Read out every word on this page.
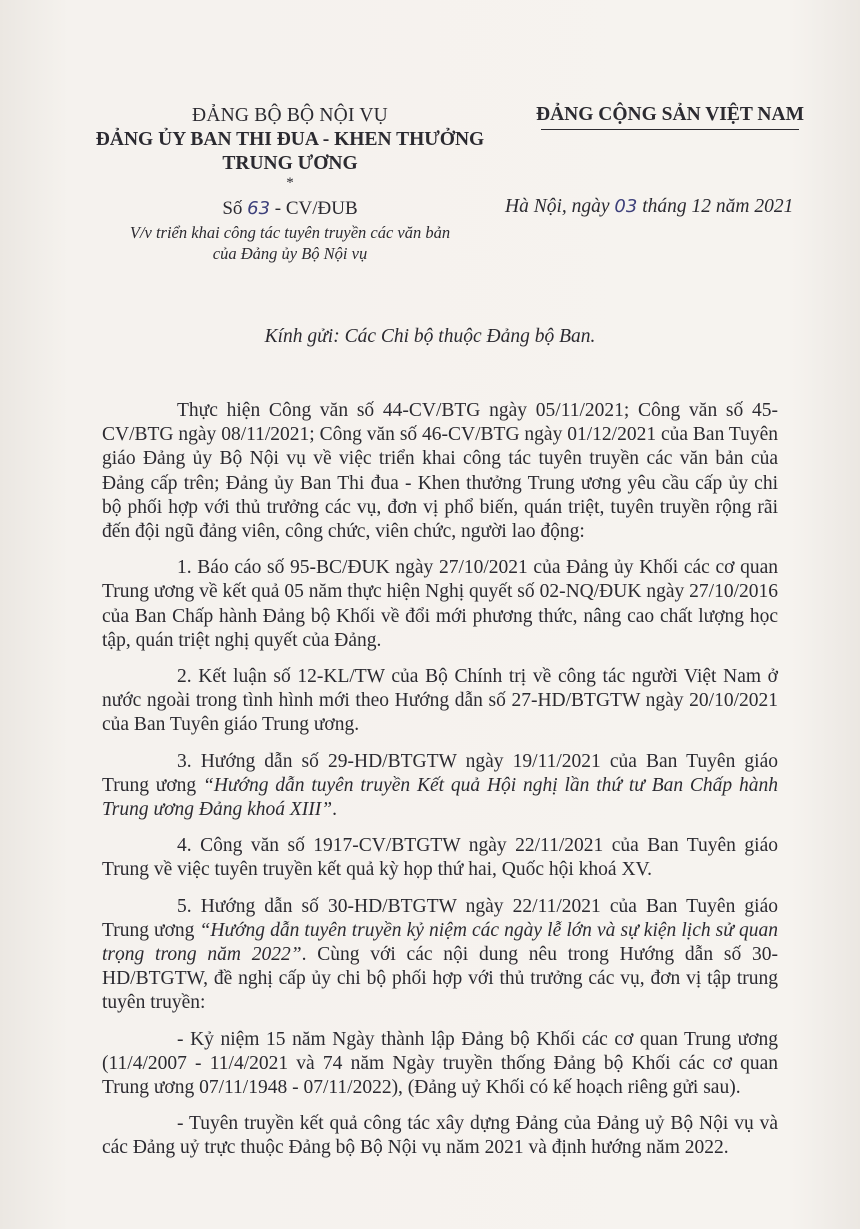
ĐẢNG BỘ BỘ NỘI VỤ
ĐẢNG ỦY BAN THI ĐUA - KHEN THƯỞNG
TRUNG ƯƠNG
*
ĐẢNG CỘNG SẢN VIỆT NAM
Số 63 - CV/ĐUB
V/v triển khai công tác tuyên truyền các văn bản
của Đảng ủy Bộ Nội vụ
Hà Nội, ngày 03 tháng 12 năm 2021
Kính gửi: Các Chi bộ thuộc Đảng bộ Ban.

Thực hiện Công văn số 44-CV/BTG ngày 05/11/2021; Công văn số 45-CV/BTG ngày 08/11/2021; Công văn số 46-CV/BTG ngày 01/12/2021 của Ban Tuyên giáo Đảng ủy Bộ Nội vụ về việc triển khai công tác tuyên truyền các văn bản của Đảng cấp trên; Đảng ủy Ban Thi đua - Khen thưởng Trung ương yêu cầu cấp ủy chi bộ phối hợp với thủ trưởng các vụ, đơn vị phổ biến, quán triệt, tuyên truyền rộng rãi đến đội ngũ đảng viên, công chức, viên chức, người lao động:

1. Báo cáo số 95-BC/ĐUK ngày 27/10/2021 của Đảng ủy Khối các cơ quan Trung ương về kết quả 05 năm thực hiện Nghị quyết số 02-NQ/ĐUK ngày 27/10/2016 của Ban Chấp hành Đảng bộ Khối về đổi mới phương thức, nâng cao chất lượng học tập, quán triệt nghị quyết của Đảng.

2. Kết luận số 12-KL/TW của Bộ Chính trị về công tác người Việt Nam ở nước ngoài trong tình hình mới theo Hướng dẫn số 27-HD/BTGTW ngày 20/10/2021 của Ban Tuyên giáo Trung ương.

3. Hướng dẫn số 29-HD/BTGTW ngày 19/11/2021 của Ban Tuyên giáo Trung ương “Hướng dẫn tuyên truyền Kết quả Hội nghị lần thứ tư Ban Chấp hành Trung ương Đảng khoá XIII”.

4. Công văn số 1917-CV/BTGTW ngày 22/11/2021 của Ban Tuyên giáo Trung về việc tuyên truyền kết quả kỳ họp thứ hai, Quốc hội khoá XV.

5. Hướng dẫn số 30-HD/BTGTW ngày 22/11/2021 của Ban Tuyên giáo Trung ương “Hướng dẫn tuyên truyền kỷ niệm các ngày lễ lớn và sự kiện lịch sử quan trọng trong năm 2022”. Cùng với các nội dung nêu trong Hướng dẫn số 30-HD/BTGTW, đề nghị cấp ủy chi bộ phối hợp với thủ trưởng các vụ, đơn vị tập trung tuyên truyền:

- Kỷ niệm 15 năm Ngày thành lập Đảng bộ Khối các cơ quan Trung ương (11/4/2007 - 11/4/2021 và 74 năm Ngày truyền thống Đảng bộ Khối các cơ quan Trung ương 07/11/1948 - 07/11/2022), (Đảng uỷ Khối có kế hoạch riêng gửi sau).

- Tuyên truyền kết quả công tác xây dựng Đảng của Đảng uỷ Bộ Nội vụ và các Đảng uỷ trực thuộc Đảng bộ Bộ Nội vụ năm 2021 và định hướng năm 2022.
